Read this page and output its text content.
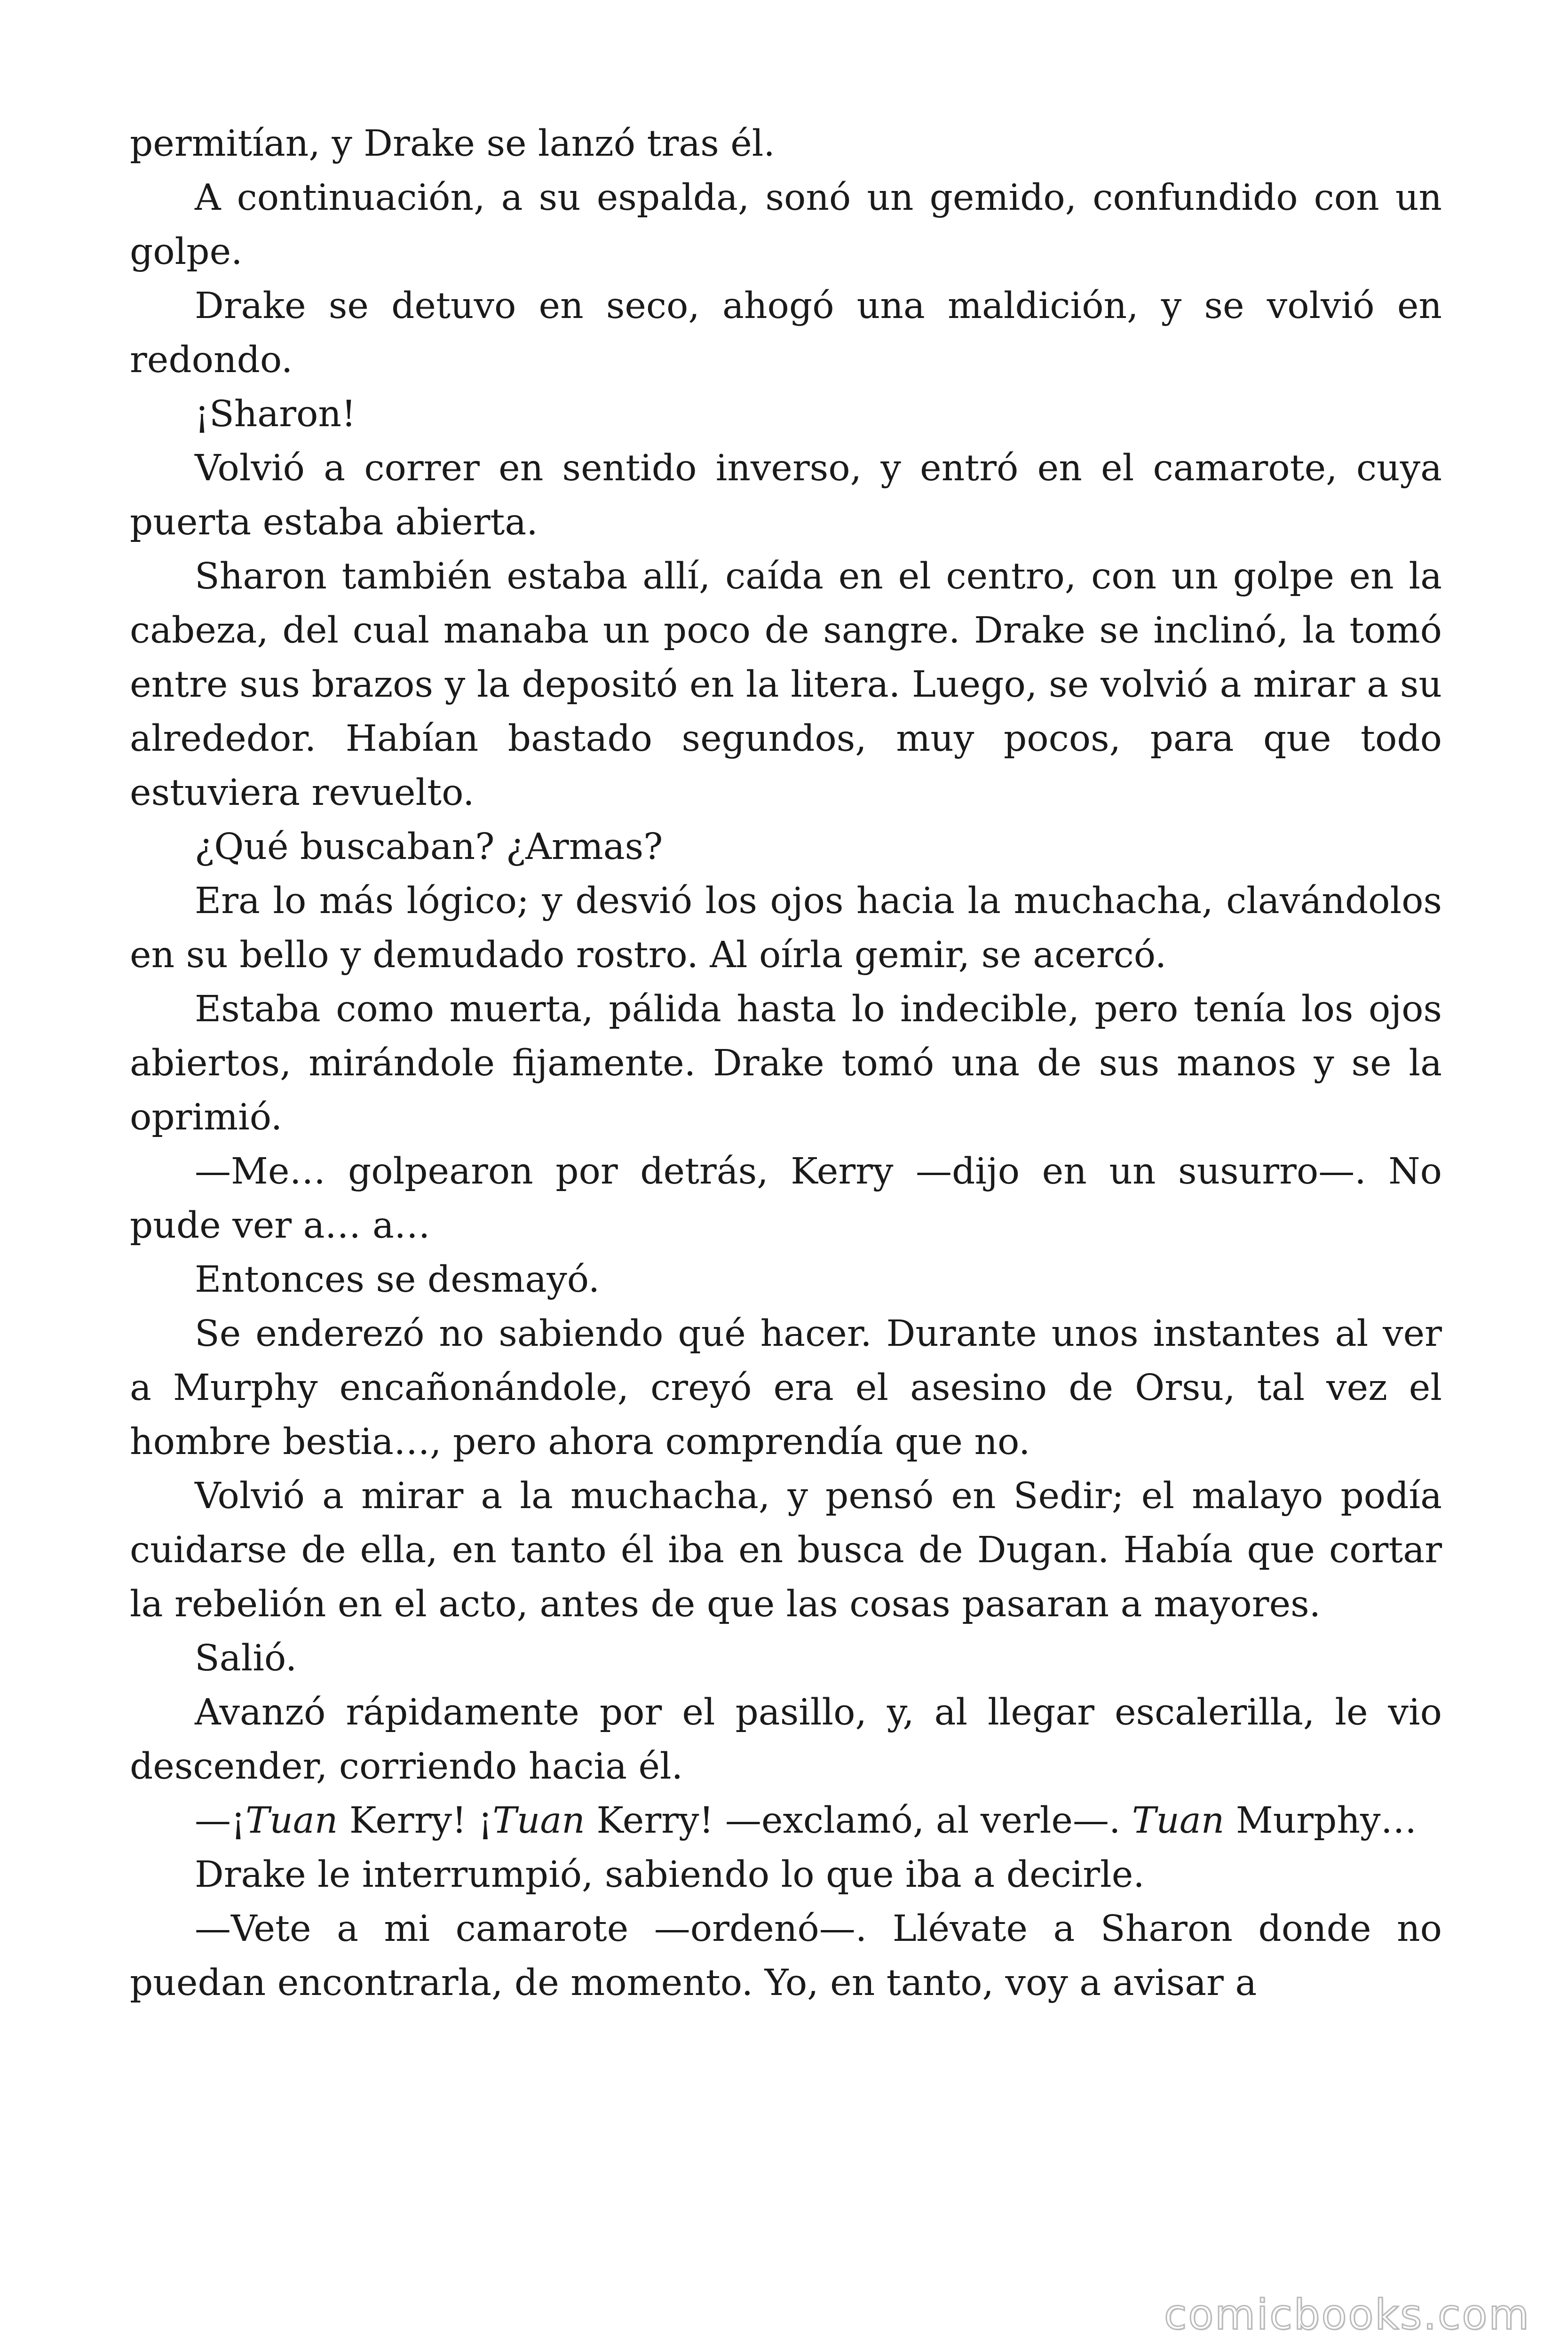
permitían, y Drake se lanzó tras él.

A continuación, a su espalda, sonó un gemido, confundido con un golpe.

Drake se detuvo en seco, ahogó una maldición, y se volvió en redondo.

¡Sharon!

Volvió a correr en sentido inverso, y entró en el camarote, cuya puerta estaba abierta.

Sharon también estaba allí, caída en el centro, con un golpe en la cabeza, del cual manaba un poco de sangre. Drake se inclinó, la tomó entre sus brazos y la depositó en la litera. Luego, se volvió a mirar a su alrededor. Habían bastado segundos, muy pocos, para que todo estuviera revuelto.

¿Qué buscaban? ¿Armas?

Era lo más lógico; y desvió los ojos hacia la muchacha, clavándolos en su bello y demudado rostro. Al oírla gemir, se acercó.

Estaba como muerta, pálida hasta lo indecible, pero tenía los ojos abiertos, mirándole fijamente. Drake tomó una de sus manos y se la oprimió.

—Me… golpearon por detrás, Kerry —dijo en un susurro—. No pude ver a… a…

Entonces se desmayó.

Se enderezó no sabiendo qué hacer. Durante unos instantes al ver a Murphy encañonándole, creyó era el asesino de Orsu, tal vez el hombre bestia…, pero ahora comprendía que no.

Volvió a mirar a la muchacha, y pensó en Sedir; el malayo podía cuidarse de ella, en tanto él iba en busca de Dugan. Había que cortar la rebelión en el acto, antes de que las cosas pasaran a mayores.

Salió.

Avanzó rápidamente por el pasillo, y, al llegar escalerilla, le vio descender, corriendo hacia él.

—¡Tuan Kerry! ¡Tuan Kerry! —exclamó, al verle—. Tuan Murphy…

Drake le interrumpió, sabiendo lo que iba a decirle.

—Vete a mi camarote —ordenó—. Llévate a Sharon donde no puedan encontrarla, de momento. Yo, en tanto, voy a avisar a

comicbooks.com
